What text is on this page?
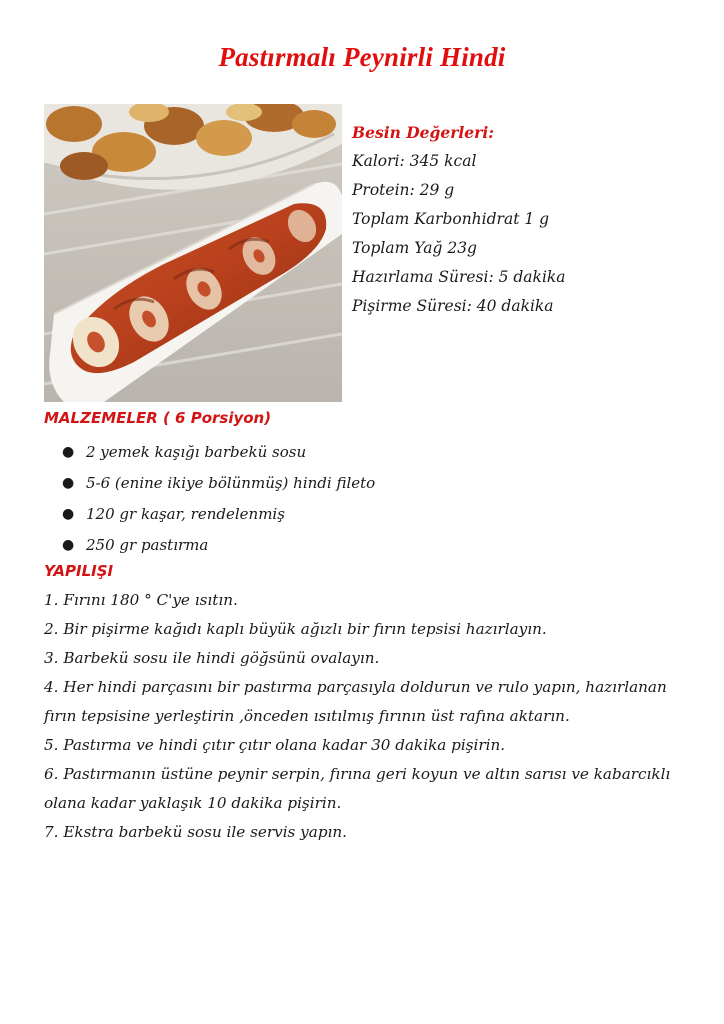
Pastırmalı Peynirli Hindi
Besin Değerleri:
Kalori: 345 kcal
Protein: 29 g
Toplam Karbonhidrat 1 g
Toplam Yağ 23g
Hazırlama Süresi: 5 dakika
Pişirme Süresi: 40 dakika
MALZEMELER ( 6 Porsiyon)
● 2 yemek kaşığı barbekü sosu
● 5-6 (enine ikiye bölünmüş) hindi fileto
● 120 gr kaşar, rendelenmiş
● 250 gr pastırma
YAPILIŞI
1. Fırını 180 ° C'ye ısıtın.
2. Bir pişirme kağıdı kaplı büyük ağızlı bir fırın tepsisi hazırlayın.
3. Barbekü sosu ile hindi göğsünü ovalayın.
4. Her hindi parçasını bir pastırma parçasıyla doldurun ve rulo yapın, hazırlanan
fırın tepsisine yerleştirin ,önceden ısıtılmış fırının üst rafına aktarın.
5. Pastırma ve hindi çıtır çıtır olana kadar 30 dakika pişirin.
6. Pastırmanın üstüne peynir serpin, fırına geri koyun ve altın sarısı ve kabarcıklı
olana kadar yaklaşık 10 dakika pişirin.
7. Ekstra barbekü sosu ile servis yapın.
